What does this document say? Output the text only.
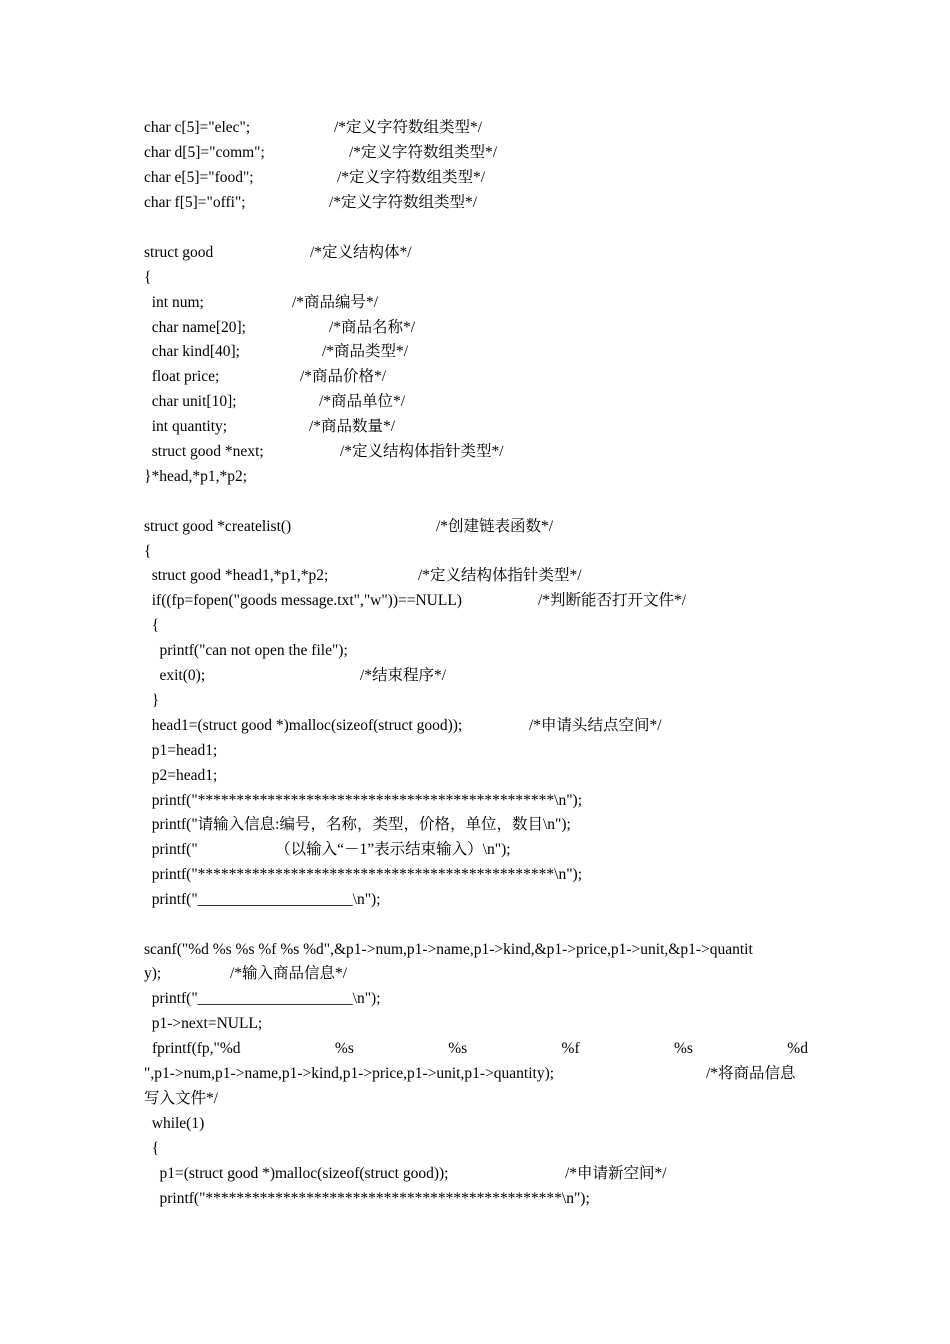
char c[5]="elec";	/*定义字符数组类型*/
char d[5]="comm";	/*定义字符数组类型*/
char e[5]="food";	/*定义字符数组类型*/
char f[5]="offi";	/*定义字符数组类型*/
struct good	/*定义结构体*/
{
int num;	/*商品编号*/
char name[20];	/*商品名称*/
char kind[40];	/*商品类型*/
float price;	/*商品价格*/
char unit[10];	/*商品单位*/
int quantity;	/*商品数量*/
struct good *next;	/*定义结构体指针类型*/
}*head,*p1,*p2;
struct good *createlist()	/*创建链表函数*/
{
struct good *head1,*p1,*p2;	/*定义结构体指针类型*/
if((fp=fopen("goods message.txt","w"))==NULL)	/*判断能否打开文件*/
{
printf("can not open the file");
exit(0);	/*结束程序*/
}
head1=(struct good *)malloc(sizeof(struct good));	/*申请头结点空间*/
p1=head1;
p2=head1;
printf("**********************************************\n");
printf("请输入信息:编号，名称，类型，价格，单位，数目\n");
printf("                    （以输入“－1”表示结束输入）\n");
printf("**********************************************\n");
printf("____________________\n");
scanf("%d %s %s %f %s %d",&p1->num,p1->name,p1->kind,&p1->price,p1->unit,&p1->quantit
y);	/*输入商品信息*/
printf("____________________\n");
p1->next=NULL;
fprintf(fp,"%d	%s	%s	%f	%s	%d
",p1->num,p1->name,p1->kind,p1->price,p1->unit,p1->quantity);	/*将商品信息
写入文件*/
while(1)
{
p1=(struct good *)malloc(sizeof(struct good));	/*申请新空间*/
printf("**********************************************\n");
